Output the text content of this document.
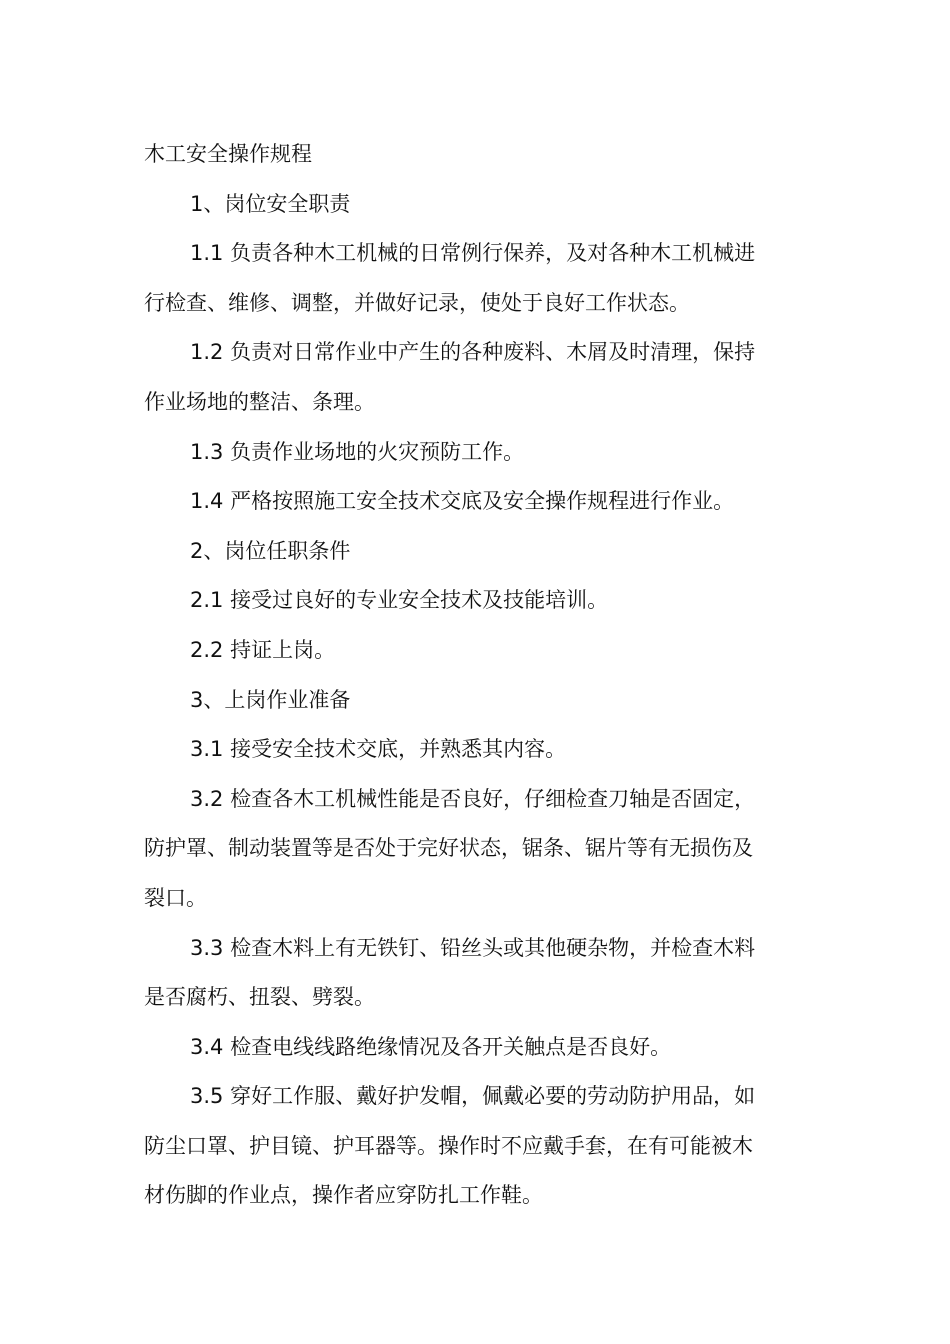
木工安全操作规程
1、岗位安全职责
1.1 负责各种木工机械的日常例行保养，及对各种木工机械进
行检查、维修、调整，并做好记录，使处于良好工作状态。
1.2 负责对日常作业中产生的各种废料、木屑及时清理，保持
作业场地的整洁、条理。
1.3 负责作业场地的火灾预防工作。
1.4 严格按照施工安全技术交底及安全操作规程进行作业。
2、岗位任职条件
2.1 接受过良好的专业安全技术及技能培训。
2.2 持证上岗。
3、上岗作业准备
3.1 接受安全技术交底，并熟悉其内容。
3.2 检查各木工机械性能是否良好，仔细检查刀轴是否固定，
防护罩、制动装置等是否处于完好状态，锯条、锯片等有无损伤及
裂口。
3.3 检查木料上有无铁钉、铅丝头或其他硬杂物，并检查木料
是否腐朽、扭裂、劈裂。
3.4 检查电线线路绝缘情况及各开关触点是否良好。
3.5 穿好工作服、戴好护发帽，佩戴必要的劳动防护用品，如
防尘口罩、护目镜、护耳器等。操作时不应戴手套，在有可能被木
材伤脚的作业点，操作者应穿防扎工作鞋。
